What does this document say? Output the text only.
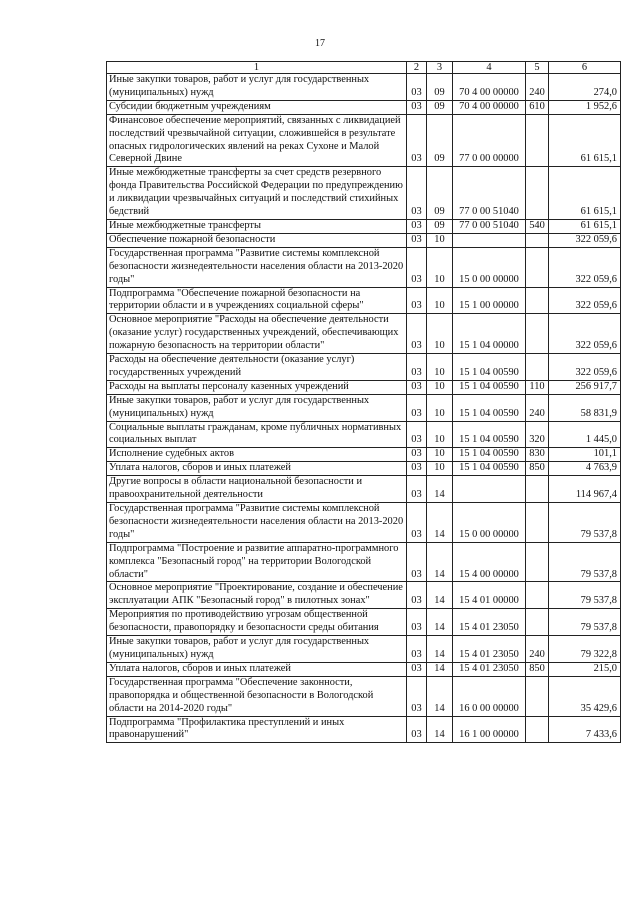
17
1	2	3	4	5	6
Иные закупки товаров, работ и услуг для государственных (муниципальных) нужд	03	09	70 4 00 00000	240	274,0
Субсидии бюджетным учреждениям	03	09	70 4 00 00000	610	1 952,6
Финансовое обеспечение мероприятий, связанных с ликвидацией последствий чрезвычайной ситуации, сложившейся в результате опасных гидрологических явлений на реках Сухоне и Малой Северной Двине	03	09	77 0 00 00000		61 615,1
Иные межбюджетные трансферты за счет средств резервного фонда Правительства Российской Федерации по предупреждению и ликвидации чрезвычайных ситуаций и последствий стихийных бедствий	03	09	77 0 00 51040		61 615,1
Иные межбюджетные трансферты	03	09	77 0 00 51040	540	61 615,1
Обеспечение пожарной безопасности	03	10			322 059,6
Государственная программа "Развитие системы комплексной безопасности жизнедеятельности населения области на 2013-2020 годы"	03	10	15 0 00 00000		322 059,6
Подпрограмма "Обеспечение пожарной безопасности на территории области и в учреждениях социальной сферы"	03	10	15 1 00 00000		322 059,6
Основное мероприятие "Расходы на обеспечение деятельности (оказание услуг) государственных учреждений, обеспечивающих пожарную безопасность на территории области"	03	10	15 1 04 00000		322 059,6
Расходы на обеспечение деятельности (оказание услуг) государственных учреждений	03	10	15 1 04 00590		322 059,6
Расходы на выплаты персоналу казенных учреждений	03	10	15 1 04 00590	110	256 917,7
Иные закупки товаров, работ и услуг для государственных (муниципальных) нужд	03	10	15 1 04 00590	240	58 831,9
Социальные выплаты гражданам, кроме публичных нормативных социальных выплат	03	10	15 1 04 00590	320	1 445,0
Исполнение судебных актов	03	10	15 1 04 00590	830	101,1
Уплата налогов, сборов и иных платежей	03	10	15 1 04 00590	850	4 763,9
Другие вопросы в области национальной безопасности и правоохранительной деятельности	03	14			114 967,4
Государственная программа "Развитие системы комплексной безопасности жизнедеятельности населения области на 2013-2020 годы"	03	14	15 0 00 00000		79 537,8
Подпрограмма "Построение и развитие аппаратно-программного комплекса "Безопасный город" на территории Вологодской области"	03	14	15 4 00 00000		79 537,8
Основное мероприятие "Проектирование, создание и обеспечение эксплуатации АПК "Безопасный город" в пилотных зонах"	03	14	15 4 01 00000		79 537,8
Мероприятия по противодействию угрозам общественной безопасности, правопорядку и безопасности среды обитания	03	14	15 4 01 23050		79 537,8
Иные закупки товаров, работ и услуг для государственных (муниципальных) нужд	03	14	15 4 01 23050	240	79 322,8
Уплата налогов, сборов и иных платежей	03	14	15 4 01 23050	850	215,0
Государственная программа "Обеспечение законности, правопорядка и общественной безопасности в Вологодской области на 2014-2020 годы"	03	14	16 0 00 00000		35 429,6
Подпрограмма "Профилактика преступлений и иных правонарушений"	03	14	16 1 00 00000		7 433,6
